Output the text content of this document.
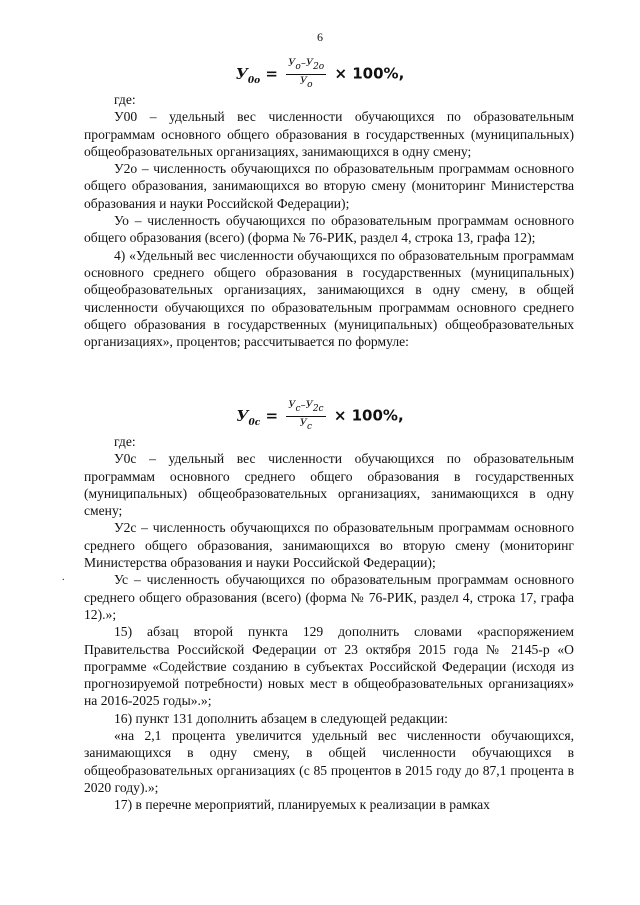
6
$У_{0о} = \frac{У_о-У_{2о}}{У_о} \times 100\%$,

где:

У00 – удельный вес численности обучающихся по образовательным программам основного общего образования в государственных (муниципальных) общеобразовательных организациях, занимающихся в одну смену;

У2о – численность обучающихся по образовательным программам основного общего образования, занимающихся во вторую смену (мониторинг Министерства образования и науки Российской Федерации);

Уо – численность обучающихся по образовательным программам основного общего образования (всего) (форма № 76-РИК, раздел 4, строка 13, графа 12);

4) «Удельный вес численности обучающихся по образовательным программам основного среднего общего образования в государственных (муниципальных) общеобразовательных организациях, занимающихся в одну смену, в общей численности обучающихся по образовательным программам основного среднего общего образования в государственных (муниципальных) общеобразовательных организациях», процентов; рассчитывается по формуле:

$У_{0с} = \frac{У_с-У_{2с}}{У_с} \times 100\%$,

где:

У0с – удельный вес численности обучающихся по образовательным программам основного среднего общего образования в государственных (муниципальных) общеобразовательных организациях, занимающихся в одну смену;

У2с – численность обучающихся по образовательным программам основного среднего общего образования, занимающихся во вторую смену (мониторинг Министерства образования и науки Российской Федерации);

Ус – численность обучающихся по образовательным программам основного среднего общего образования (всего) (форма № 76-РИК, раздел 4, строка 17, графа 12).»;

15) абзац второй пункта 129 дополнить словами «распоряжением Правительства Российской Федерации от 23 октября 2015 года № 2145-р «О программе «Содействие созданию в субъектах Российской Федерации (исходя из прогнозируемой потребности) новых мест в общеобразовательных организациях» на 2016-2025 годы».»;

16) пункт 131 дополнить абзацем в следующей редакции:

«на 2,1 процента увеличится удельный вес численности обучающихся, занимающихся в одну смену, в общей численности обучающихся в общеобразовательных организациях (с 85 процентов в 2015 году до 87,1 процента в 2020 году).»;

17) в перечне мероприятий, планируемых к реализации в рамках

.
